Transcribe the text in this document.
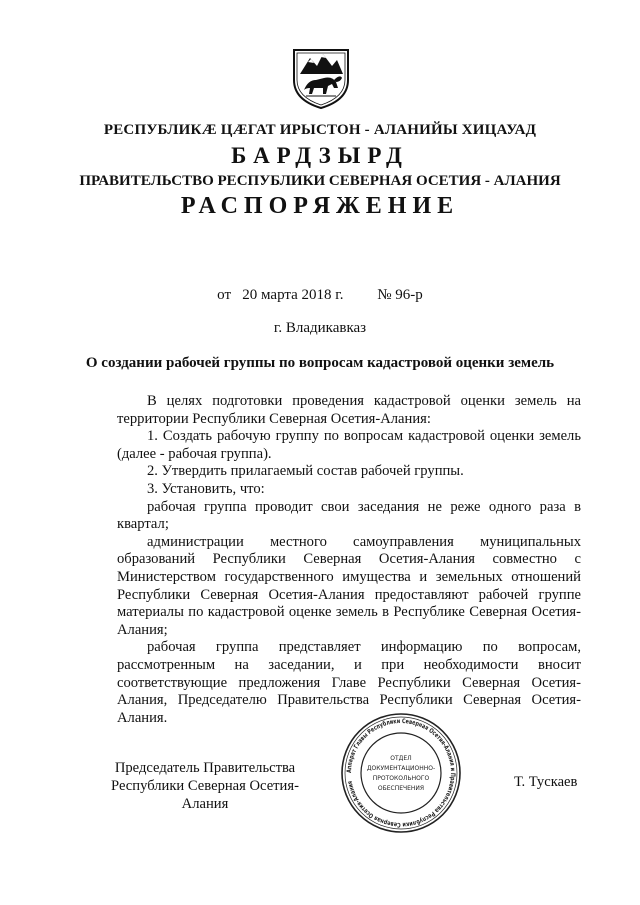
РЕСПУБЛИКӔ ЦӔГАТ ИРЫСТОН - АЛАНИЙЫ ХИЦАУАД
БАРДЗЫРД
ПРАВИТЕЛЬСТВО РЕСПУБЛИКИ СЕВЕРНАЯ ОСЕТИЯ - АЛАНИЯ
РАСПОРЯЖЕНИЕ
от 20 марта 2018 г. № 96-р
г. Владикавказ
О создании рабочей группы по вопросам кадастровой оценки земель

В целях подготовки проведения кадастровой оценки земель на территории Республики Северная Осетия-Алания:

1. Создать рабочую группу по вопросам кадастровой оценки земель (далее - рабочая группа).

2. Утвердить прилагаемый состав рабочей группы.

3. Установить, что:

рабочая группа проводит свои заседания не реже одного раза в квартал;

администрации местного самоуправления муниципальных образований Республики Северная Осетия-Алания совместно с Министерством государственного имущества и земельных отношений Республики Северная Осетия-Алания предоставляют рабочей группе материалы по кадастровой оценке земель в Республике Северная Осетия-Алания;

рабочая группа представляет информацию по вопросам, рассмотренным на заседании, и при необходимости вносит соответствующие предложения Главе Республики Северная Осетия-Алания, Председателю Правительства Республики Северная Осетия-Алания.

Председатель Правительства
Республики Северная Осетия-Алания
Аппарат Главы Республики Северная Осетия-Алания и Правительства Республики Северная Осетия-Алания
ОТДЕЛ
ДОКУМЕНТАЦИОННО-
ПРОТОКОЛЬНОГО
ОБЕСПЕЧЕНИЯ	Т. Тускаев
